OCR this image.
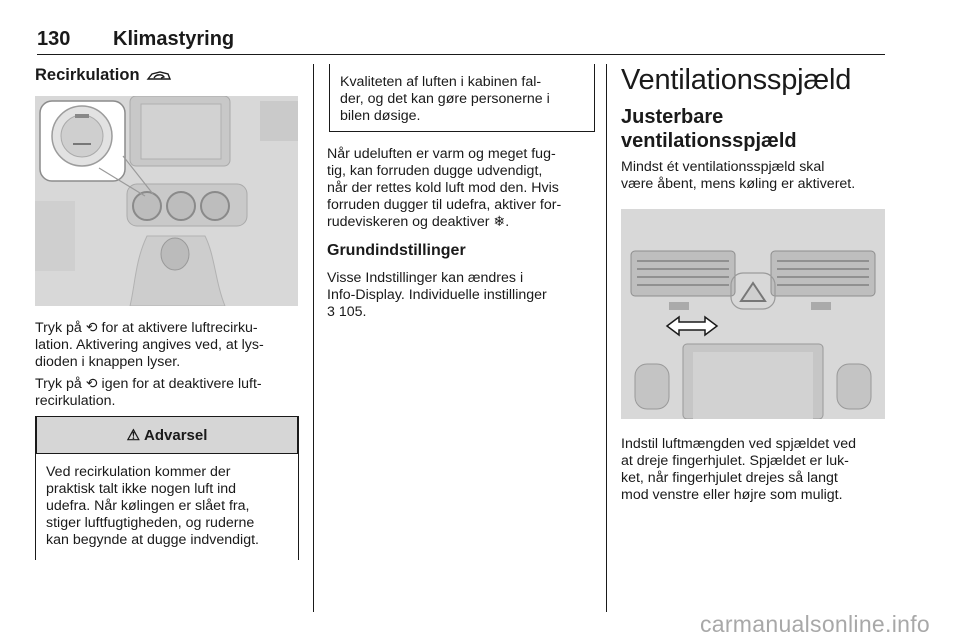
130 Klimastyring
Recirkulation

Tryk på ⟲ for at aktivere luftrecirku-
lation. Aktivering angives ved, at lys-
dioden i knappen lyser.

Tryk på ⟲ igen for at deaktivere luft-
recirkulation.

⚠ Advarsel

Ved recirkulation kommer der
praktisk talt ikke nogen luft ind
udefra. Når kølingen er slået fra,
stiger luftfugtigheden, og ruderne
kan begynde at dugge indvendigt.

Kvaliteten af luften i kabinen fal-
der, og det kan gøre personerne i
bilen døsige.

Når udeluften er varm og meget fug-
tig, kan forruden dugge udvendigt,
når der rettes kold luft mod den. Hvis
forruden dugger til udefra, aktiver for-
rudeviskeren og deaktiver ❄.

Grundindstillinger

Visse Indstillinger kan ændres i
Info-Display. Individuelle instillinger
3 105.

Ventilationsspjæld
Justerbare
ventilationsspjæld

Mindst ét ventilationsspjæld skal
være åbent, mens køling er aktiveret.

Indstil luftmængden ved spjældet ved
at dreje fingerhjulet. Spjældet er luk-
ket, når fingerhjulet drejes så langt
mod venstre eller højre som muligt.

carmanualsonline.info
